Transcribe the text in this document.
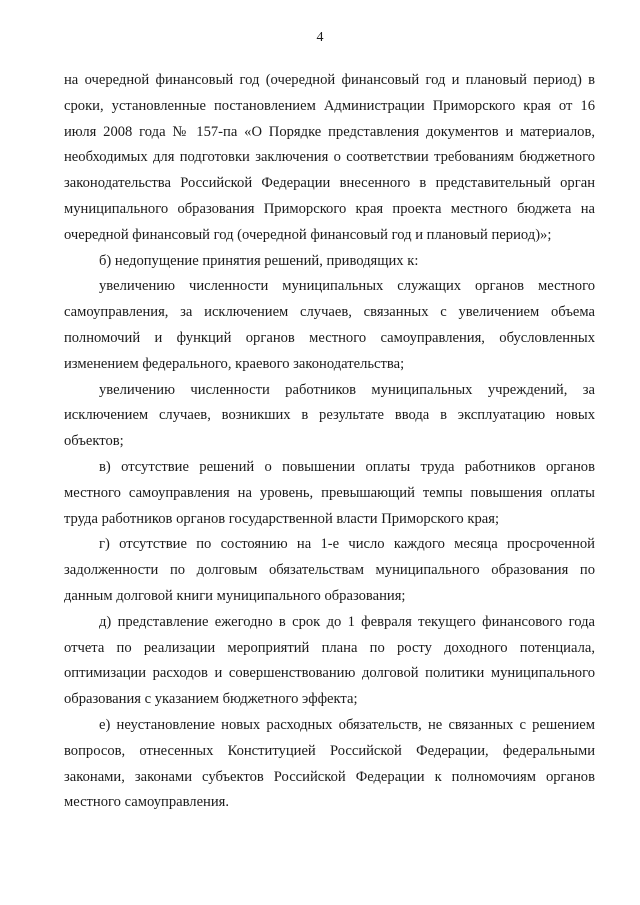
4

на очередной финансовый год (очередной финансовый год и плановый период) в сроки, установленные постановлением Администрации Приморского края от 16 июля 2008 года № 157-па «О Порядке представления документов и материалов, необходимых для подготовки заключения о соответствии требованиям бюджетного законодательства Российской Федерации внесенного в представительный орган муниципального образования Приморского края проекта местного бюджета на очередной финансовый год (очередной финансовый год и плановый период)»;

б) недопущение принятия решений, приводящих к:

увеличению численности муниципальных служащих органов местного самоуправления, за исключением случаев, связанных с увеличением объема полномочий и функций органов местного самоуправления, обусловленных изменением федерального, краевого законодательства;

увеличению численности работников муниципальных учреждений, за исключением случаев, возникших в результате ввода в эксплуатацию новых объектов;

в) отсутствие решений о повышении оплаты труда работников органов местного самоуправления на уровень, превышающий темпы повышения оплаты труда работников органов государственной власти Приморского края;

г) отсутствие по состоянию на 1-е число каждого месяца просроченной задолженности по долговым обязательствам муниципального образования по данным долговой книги муниципального образования;

д) представление ежегодно в срок до 1 февраля текущего финансового года отчета по реализации мероприятий плана по росту доходного потенциала, оптимизации расходов и совершенствованию долговой политики муниципального образования с указанием бюджетного эффекта;

е) неустановление новых расходных обязательств, не связанных с решением вопросов, отнесенных Конституцией Российской Федерации, федеральными законами, законами субъектов Российской Федерации к полномочиям органов местного самоуправления.
